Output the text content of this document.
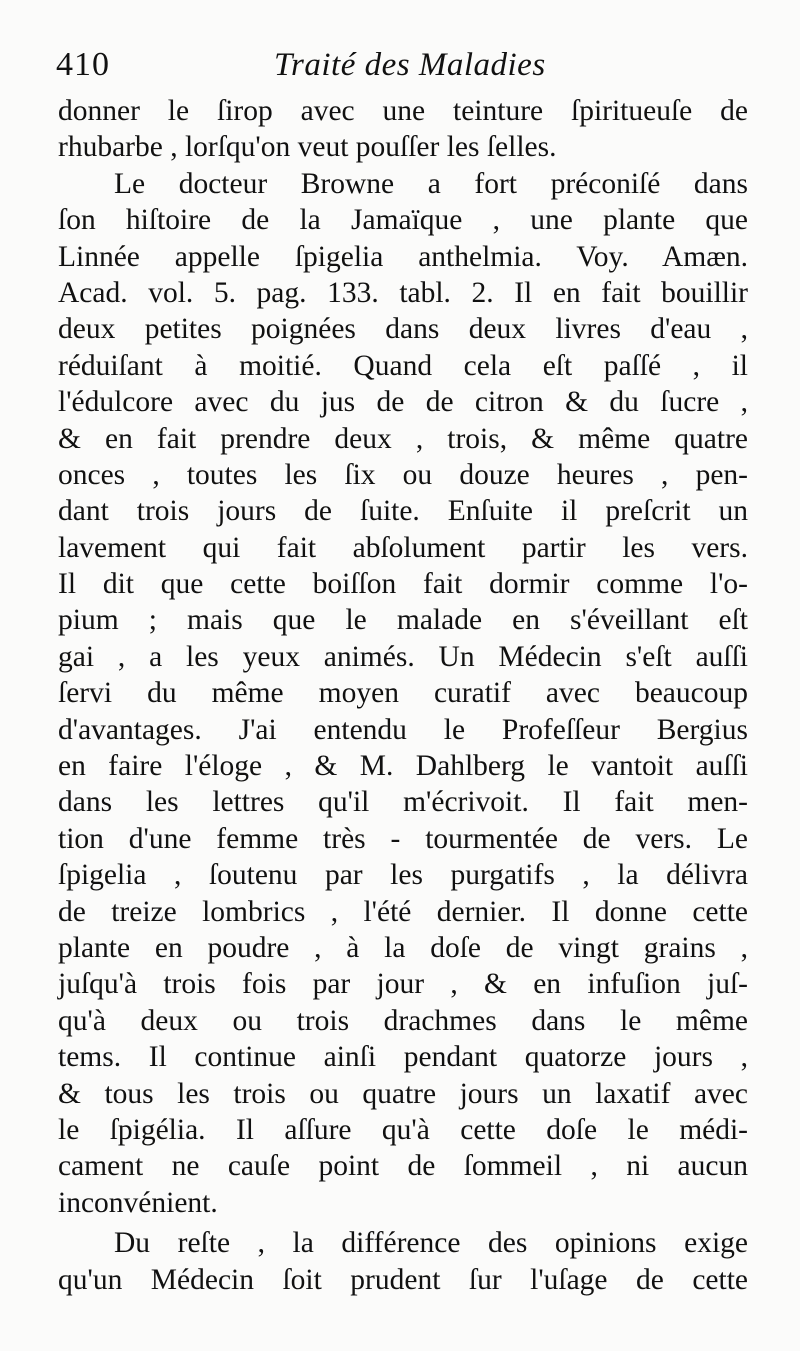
410	Traité des Maladies
donner le ſirop avec une teinture ſpiritueuſe de
rhubarbe , lorſqu'on veut pouſſer les ſelles.
Le docteur Browne a fort préconiſé dans
ſon hiſtoire de la Jamaïque , une plante que
Linnée appelle ſpigelia anthelmia. Voy. Amæn.
Acad. vol. 5. pag. 133. tabl. 2. Il en fait bouillir
deux petites poignées dans deux livres d'eau ,
réduiſant à moitié. Quand cela eſt paſſé , il
l'édulcore avec du jus de de citron & du ſucre ,
& en fait prendre deux , trois, & même quatre
onces , toutes les ſix ou douze heures , pen-
dant trois jours de ſuite. Enſuite il preſcrit un
lavement qui fait abſolument partir les vers.
Il dit que cette boiſſon fait dormir comme l'o-
pium ; mais que le malade en s'éveillant eſt
gai , a les yeux animés. Un Médecin s'eſt auſſi
ſervi du même moyen curatif avec beaucoup
d'avantages. J'ai entendu le Profeſſeur Bergius
en faire l'éloge , & M. Dahlberg le vantoit auſſi
dans les lettres qu'il m'écrivoit. Il fait men-
tion d'une femme très - tourmentée de vers. Le
ſpigelia , ſoutenu par les purgatifs , la délivra
de treize lombrics , l'été dernier. Il donne cette
plante en poudre , à la doſe de vingt grains ,
juſqu'à trois fois par jour , & en infuſion juſ-
qu'à deux ou trois drachmes dans le même
tems. Il continue ainſi pendant quatorze jours ,
& tous les trois ou quatre jours un laxatif avec
le ſpigélia. Il aſſure qu'à cette doſe le médi-
cament ne cauſe point de ſommeil , ni aucun
inconvénient.
Du reſte , la différence des opinions exige
qu'un Médecin ſoit prudent ſur l'uſage de cette
